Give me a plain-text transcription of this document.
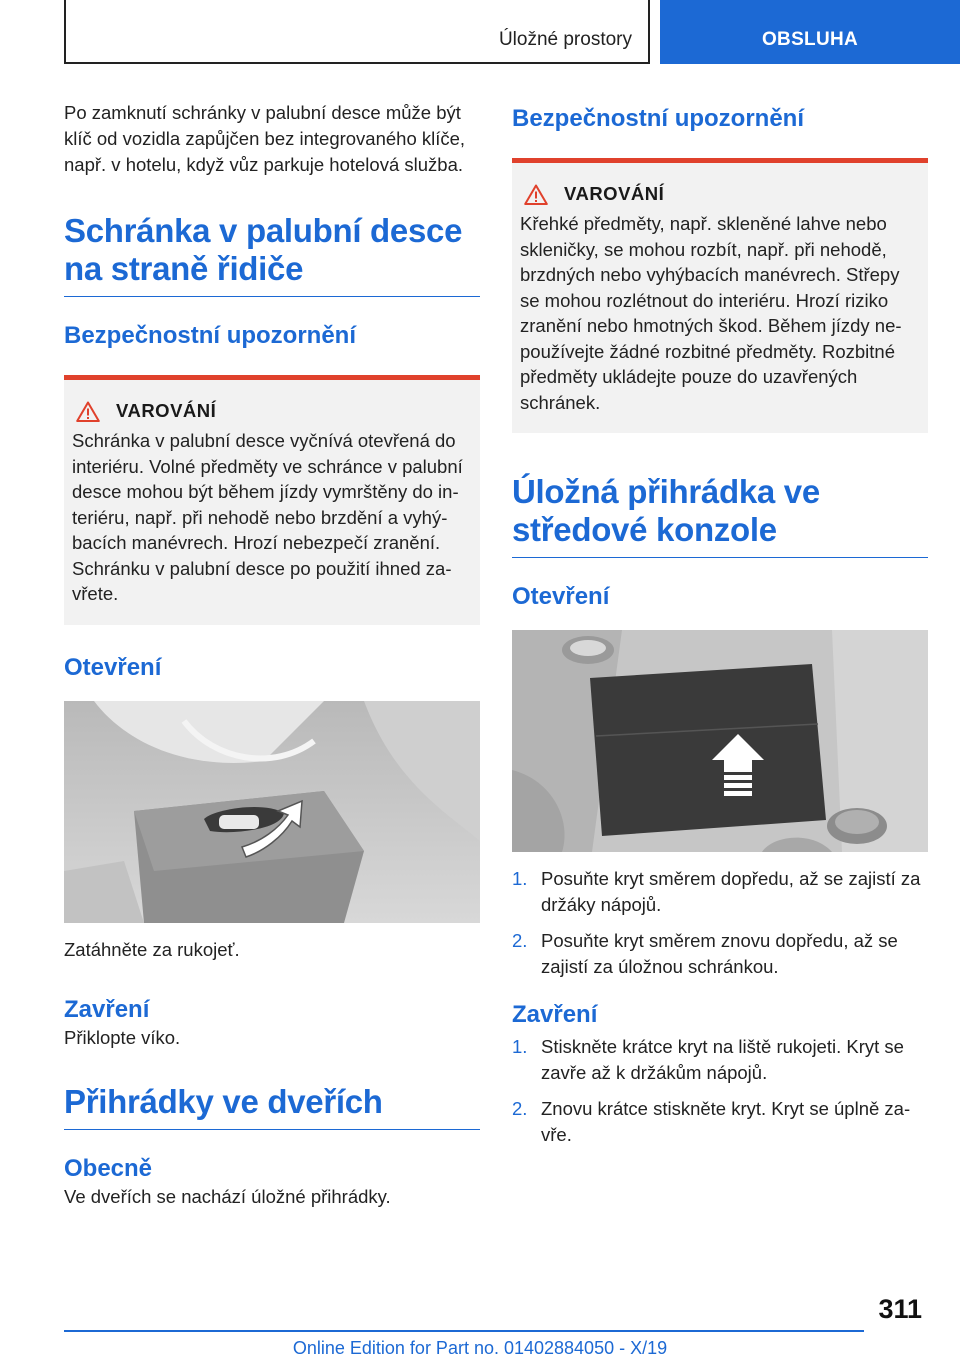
Úložné prostory	OBSLUHA

Po zamknutí schránky v palubní desce může být klíč od vozidla zapůjčen bez integrovaného klíče, např. v hotelu, když vůz parkuje hotelová služba.

Schránka v palubní desce na straně řidiče
Bezpečnostní upozornění
VAROVÁNÍ
Schránka v palubní desce vyčnívá otevřená do interiéru. Volné předměty ve schránce v palubní desce mohou být během jízdy vymrštěny do interiéru, např. při nehodě nebo brzdění a vyhýbacích manévrech. Hrozí nebezpečí zranění. Schránku v palubní desce po použití ihned zavřete.
Otevření

Zatáhněte za rukojeť.

Zavření

Přiklopte víko.

Přihrádky ve dveřích
Obecně

Ve dveřích se nachází úložné přihrádky.

Bezpečnostní upozornění
VAROVÁNÍ
Křehké předměty, např. skleněné lahve nebo skleničky, se mohou rozbít, např. při nehodě, brzdných nebo vyhýbacích manévrech. Střepy se mohou rozlétnout do interiéru. Hrozí riziko zranění nebo hmotných škod. Během jízdy nepoužívejte žádné rozbitné předměty. Rozbitné předměty ukládejte pouze do uzavřených schránek.
Úložná přihrádka ve středové konzole
Otevření
1. Posuňte kryt směrem dopředu, až se zajistí za držáky nápojů.
2. Posuňte kryt směrem znovu dopředu, až se zajistí za úložnou schránkou.
Zavření
1. Stiskněte krátce kryt na liště rukojeti. Kryt se zavře až k držákům nápojů.
2. Znovu krátce stiskněte kryt. Kryt se úplně zavře.
311
Online Edition for Part no. 01402884050 - X/19
